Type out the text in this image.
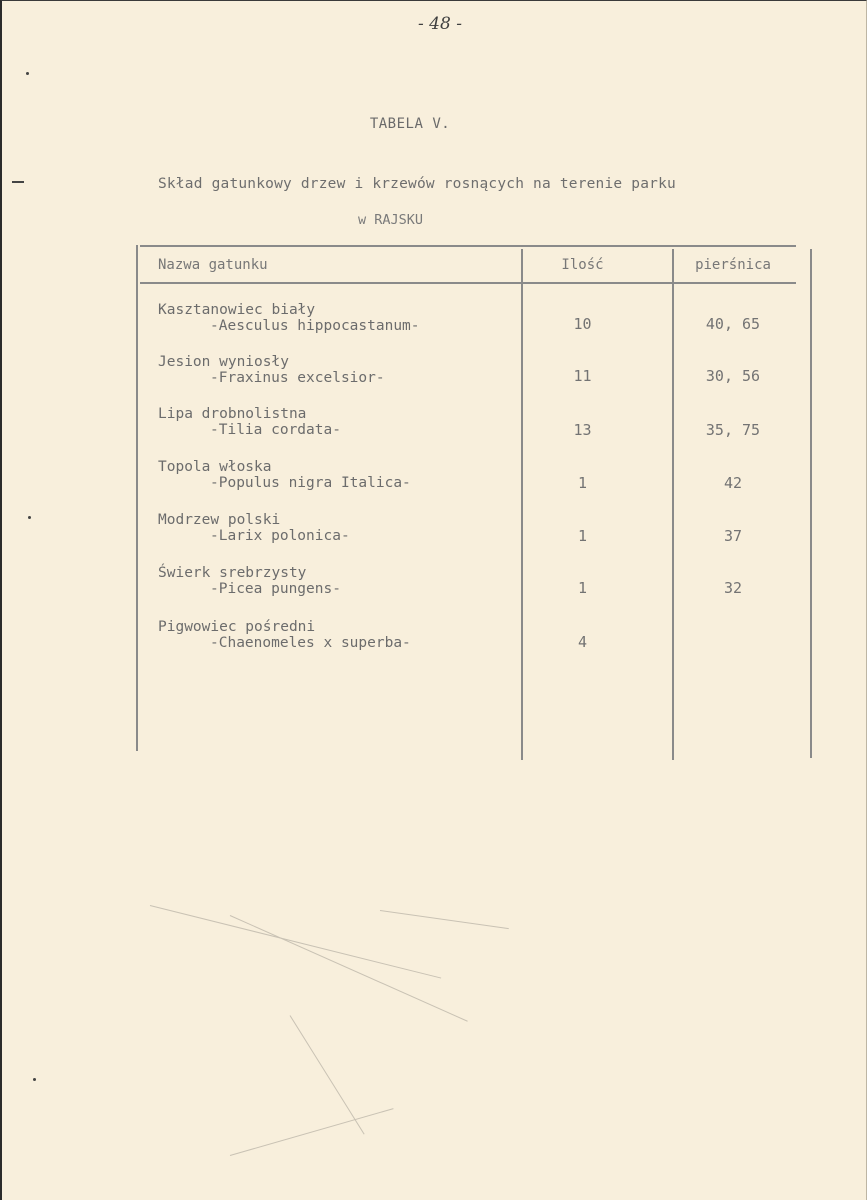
- 48 -
TABELA V.
Skład gatunkowy drzew i krzewów rosnących na terenie parku
w RAJSKU
Nazwa gatunku	Ilość	pierśnica
Kasztanowiec biały
-Aesculus hippocastanum-	10	40, 65
Jesion wyniosły
-Fraxinus excelsior-	11	30, 56
Lipa drobnolistna
-Tilia cordata-	13	35, 75
Topola włoska
-Populus nigra Italica-	1	42
Modrzew polski
-Larix polonica-	1	37
Świerk srebrzysty
-Picea pungens-	1	32
Pigwowiec pośredni
-Chaenomeles x superba-	4
